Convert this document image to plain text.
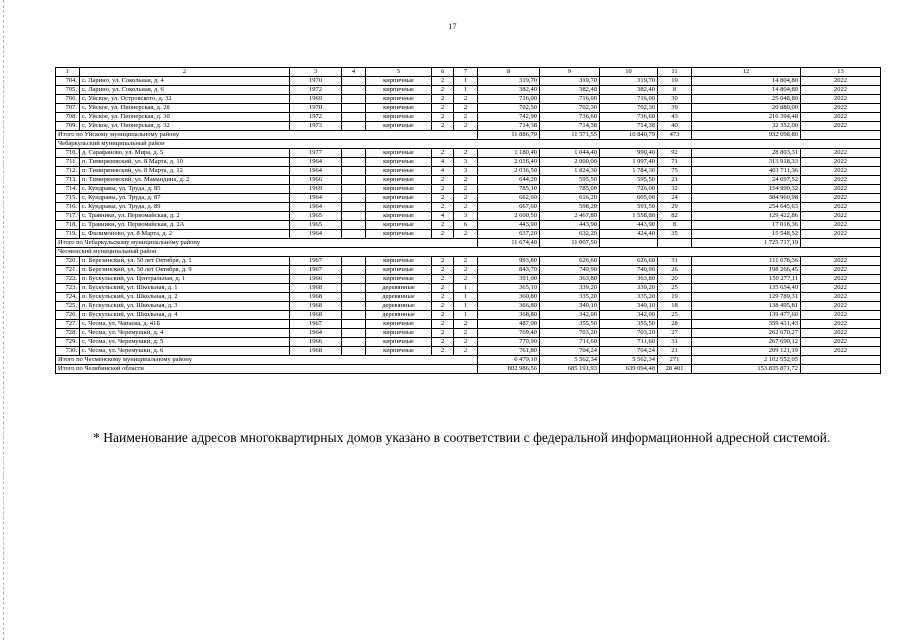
17
1	2	3	4	5	6	7	8	9	10	11	12	13
704.	с. Ларино, ул. Сокольная, д. 4	1970		кирпичные	2	1	319,70	319,70	319,70	19	14 804,80	2022
705.	с. Ларино, ул. Сокольная, д. 6	1972		кирпичные	2	1	382,40	382,40	382,40	8	14 804,80	2022
706.	с. Уйское, ул. Островского, д. 32	1969		кирпичные	2	2	716,00	716,00	716,00	30	25 048,80	2022
707.	с. Уйское, ул. Пионерская, д. 28	1970		кирпичные	2	2	702,50	702,30	702,30	39	20 880,00	2022
708.	с. Уйское, ул. Пионерская, д. 30	1972		кирпичные	2	2	742,90	736,60	736,60	43	216 394,48	2022
709.	с. Уйское, ул. Пионерская, д. 32	1973		кирпичные	2	2	714,38	714,38	714,38	40	32 352,00	2022
Итого по Уйскому муниципальному району							11 886,79	11 571,55	10 840,79	473	932 098,80	
Чебаркульский муниципальный район												
710.	д. Сарафаново, ул. Мира, д. 5	1977		кирпичные	2	2	1 180,40	1 044,40	990,40	92	28 803,31	2022
711.	п. Тимирязевский, ул. 8 Марта, д. 10	1964		кирпичные	4	3	2 016,40	2 000,00	1 997,40	71	313 918,33	2022
712.	п. Тимирязевский, ул. 8 Марта, д. 12	1964		кирпичные	4	3	2 036,50	1 824,30	1 784,30	75	401 711,36	2022
713.	п. Тимирязевский, ул. Мамандина, д. 2	1966		кирпичные	2	2	644,20	595,50	595,50	21	24 697,52	2022
714.	с. Кундравы, ул. Труда, д. 85	1969		кирпичные	2	2	785,10	785,00	726,00	32	154 990,32	2022
715.	с. Кундравы, ул. Труда, д. 87	1964		кирпичные	2	2	662,60	616,20	605,00	24	384 960,98	2022
716.	с. Кундравы, ул. Труда, д. 89	1964		кирпичные	2	2	667,60	598,20	591,50	29	254 645,63	2022
717.	с. Травники, ул. Первомайская, д. 2	1965		кирпичные	4	3	2 600,50	2 467,80	1 558,80	82	129 422,86	2022
718.	с. Травники, ул. Первомайская, д. 2А	1965		кирпичные	2	6	443,90	443,90	443,90	8	17 018,36	2022
719.	с. Филимоново, ул. 8 Марта, д. 2	1964		кирпичные	2	2	637,20	632,20	424,40	35	15 548,52	2022
Итого по Чебаркульскому муниципальному району							11 674,40	11 007,50			1 725 717,19	
Чесменский муниципальный район												
720.	п. Березинский, ул. 50 лет Октября, д. 1	1967		кирпичные	2	2	993,80	626,60	626,60	31	111 678,36	2022
721.	п. Березинский, ул. 50 лет Октября, д. 9	1967		кирпичные	2	2	843,70	740,90	740,90	26	198 266,45	2022
722.	п. Бускульский, ул. Центральная, д. 1	1966		кирпичные	2	2	391,00	363,80	363,80	20	150 277,11	2022
723.	п. Бускульский, ул. Школьная, д. 1	1968		деревянные	2	1	365,10	339,20	339,20	25	135 654,40	2022
724.	п. Бускульский, ул. Школьная, д. 2	1968		деревянные	2	1	360,80	335,20	335,20	19	129 789,31	2022
725.	п. Бускульский, ул. Школьная, д. 3	1968		деревянные	2	1	366,80	340,10	340,10	18	138 495,81	2022
726.	п. Бускульский, ул. Школьная, д. 4	1968		деревянные	2	1	368,80	342,00	342,00	25	139 477,60	2022
727.	с. Чесма, ул. Чапаева, д. 41Б	1967		кирпичные	2	2	487,00	355,50	355,50	28	359 431,43	2022
728.	с. Чесма, ул. Черемушки, д. 4	1964		кирпичные	2	2	769,40	703,20	703,20	27	262 670,27	2022
729.	с. Чесма, ул. Черемушки, д. 5	1966		кирпичные	2	2	770,90	711,60	711,60	31	267 690,12	2022
730.	с. Чесма, ул. Черемушки, д. 6	1968		кирпичные	2	2	761,80	704,24	704,24	21	209 121,19	2022
Итого по Чесменскому муниципальному району							6 479,10	5 562,34	5 562,34	271	2 102 552,05	
Итого по Челябинской области							802 986,56	685 191,93	639 094,48	28 401	153 835 871,72	
* Наименование адресов многоквартирных домов указано в соответствии с федеральной информационной адресной системой.
